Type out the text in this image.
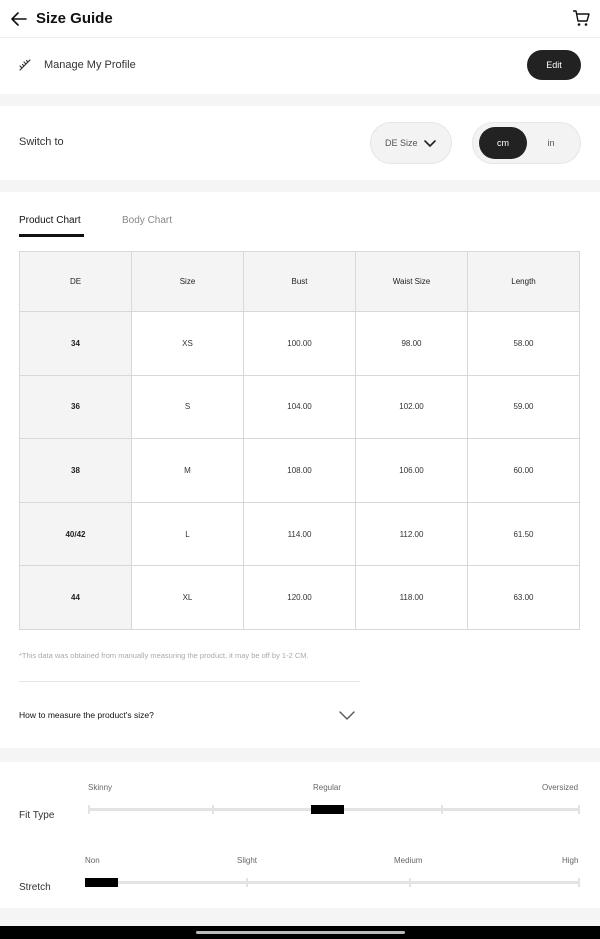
Size Guide
Manage My Profile	Edit
Switch to	DE Size	cm	in
Product Chart	Body Chart
DE	Size	Bust	Waist Size	Length
34	XS	100.00	98.00	58.00
36	S	104.00	102.00	59.00
38	M	108.00	106.00	60.00
40/42	L	114.00	112.00	61.50
44	XL	120.00	118.00	63.00
*This data was obtained from manually measuring the product, it may be off by 1-2 CM.
How to measure the product's size?
Skinny	Regular	Oversized
Fit Type
Non	Slight	Medium	High
Stretch
